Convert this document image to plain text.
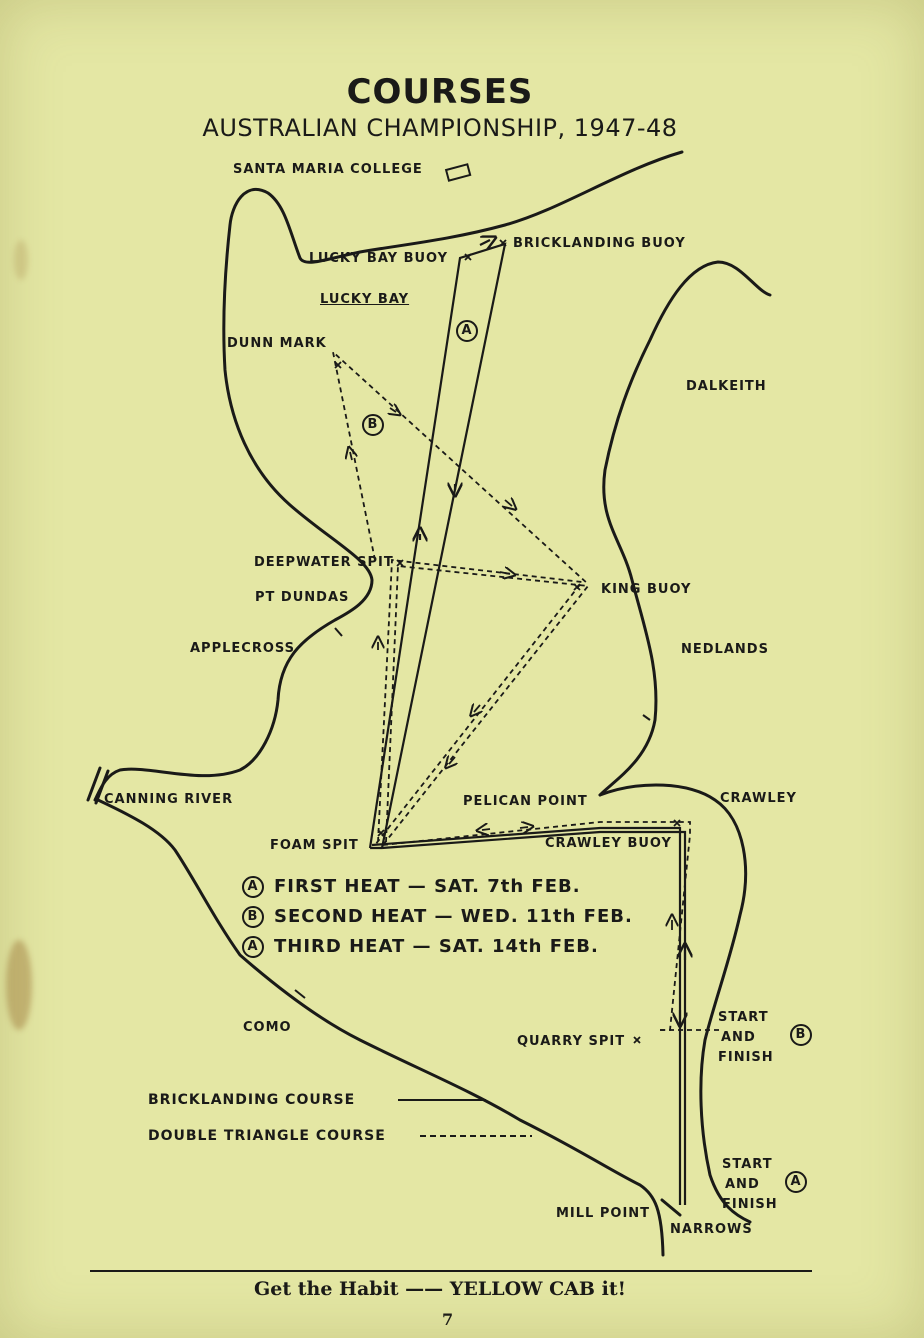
COURSES
AUSTRALIAN CHAMPIONSHIP, 1947-48
SANTA MARIA COLLEGE
LUCKY BAY BUOY
BRICKLANDING BUOY
LUCKY BAY
DUNN MARK
DALKEITH
DEEPWATER SPIT
PT DUNDAS
KING BUOY
APPLECROSS	NEDLANDS
CANNING RIVER	PELICAN POINT	CRAWLEY
FOAM SPIT	CRAWLEY BUOY
COMO
QUARRY SPIT
START
AND
FINISH
B
START
AND
FINISH
A
MILL POINT
NARROWS
A
B
A FIRST HEAT — SAT. 7th FEB.
B SECOND HEAT — WED. 11th FEB.
A THIRD HEAT — SAT. 14th FEB.
BRICKLANDING COURSE
DOUBLE TRIANGLE COURSE
Get the Habit —— YELLOW CAB it!
7
